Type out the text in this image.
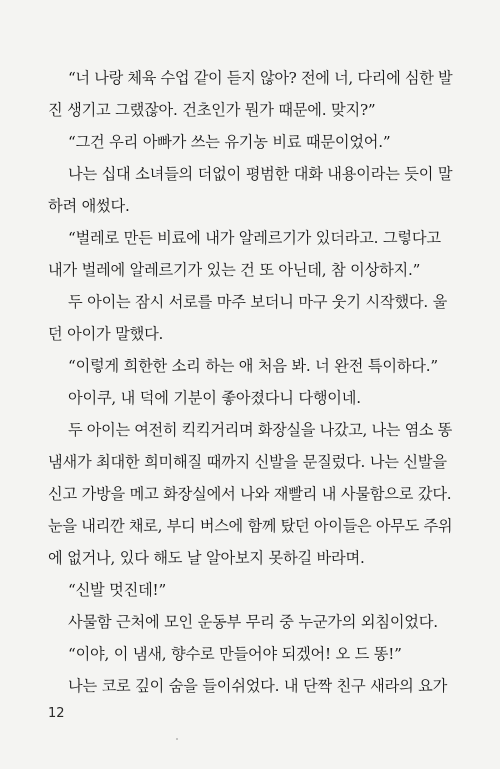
“너 나랑 체육 수업 같이 듣지 않아? 전에 너, 다리에 심한 발
진 생기고 그랬잖아. 건초인가 뭔가 때문에. 맞지?”
“그건 우리 아빠가 쓰는 유기농 비료 때문이었어.”
나는 십대 소녀들의 더없이 평범한 대화 내용이라는 듯이 말
하려 애썼다.
“벌레로 만든 비료에 내가 알레르기가 있더라고. 그렇다고
내가 벌레에 알레르기가 있는 건 또 아닌데, 참 이상하지.”
두 아이는 잠시 서로를 마주 보더니 마구 웃기 시작했다. 울
던 아이가 말했다.
“이렇게 희한한 소리 하는 애 처음 봐. 너 완전 특이하다.”
아이쿠, 내 덕에 기분이 좋아졌다니 다행이네.
두 아이는 여전히 킥킥거리며 화장실을 나갔고, 나는 염소 똥
냄새가 최대한 희미해질 때까지 신발을 문질렀다. 나는 신발을
신고 가방을 메고 화장실에서 나와 재빨리 내 사물함으로 갔다.
눈을 내리깐 채로, 부디 버스에 함께 탔던 아이들은 아무도 주위
에 없거나, 있다 해도 날 알아보지 못하길 바라며.
“신발 멋진데!”
사물함 근처에 모인 운동부 무리 중 누군가의 외침이었다.
“이야, 이 냄새, 향수로 만들어야 되겠어! 오 드 똥!”
나는 코로 깊이 숨을 들이쉬었다. 내 단짝 친구 새라의 요가
12
